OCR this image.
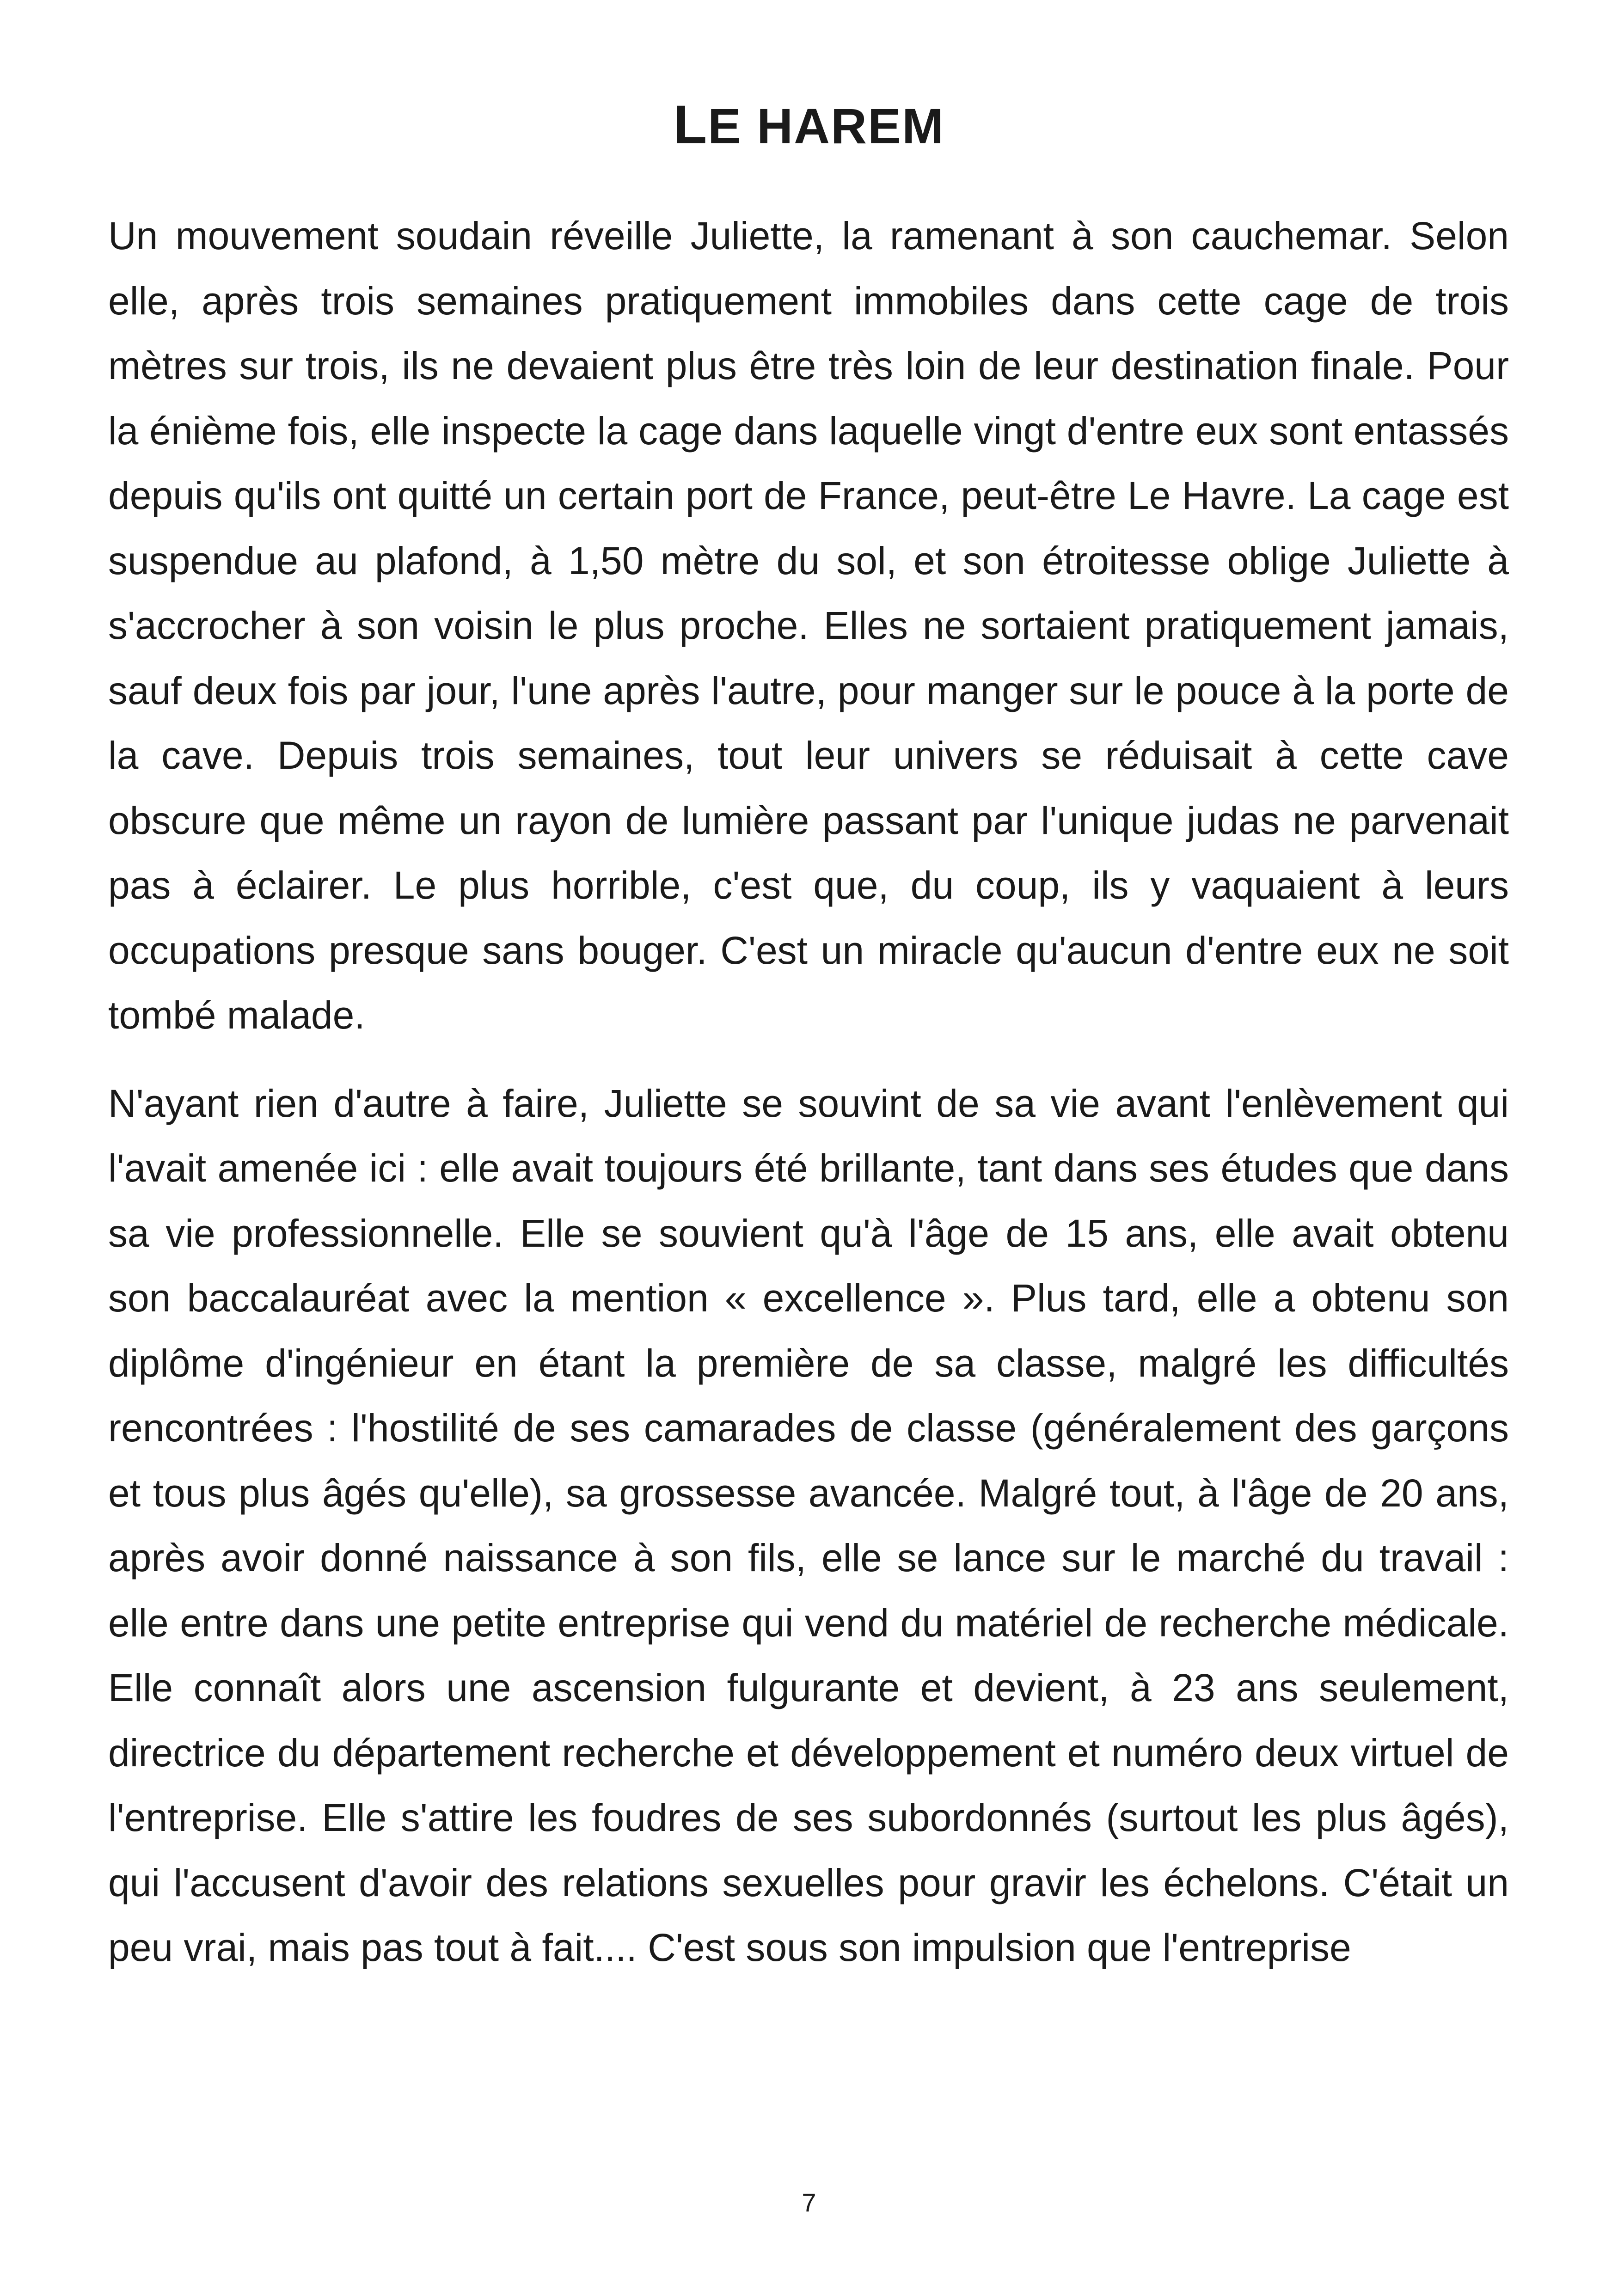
LE HAREM

Un mouvement soudain réveille Juliette, la ramenant à son cauchemar. Selon elle, après trois semaines pratiquement immobiles dans cette cage de trois mètres sur trois, ils ne devaient plus être très loin de leur destination finale. Pour la énième fois, elle inspecte la cage dans laquelle vingt d'entre eux sont entassés depuis qu'ils ont quitté un certain port de France, peut-être Le Havre. La cage est suspendue au plafond, à 1,50 mètre du sol, et son étroitesse oblige Juliette à s'accrocher à son voisin le plus proche. Elles ne sortaient pratiquement jamais, sauf deux fois par jour, l'une après l'autre, pour manger sur le pouce à la porte de la cave. Depuis trois semaines, tout leur univers se réduisait à cette cave obscure que même un rayon de lumière passant par l'unique judas ne parvenait pas à éclairer. Le plus horrible, c'est que, du coup, ils y vaquaient à leurs occupations presque sans bouger. C'est un miracle qu'aucun d'entre eux ne soit tombé malade.

N'ayant rien d'autre à faire, Juliette se souvint de sa vie avant l'enlèvement qui l'avait amenée ici : elle avait toujours été brillante, tant dans ses études que dans sa vie professionnelle. Elle se souvient qu'à l'âge de 15 ans, elle avait obtenu son baccalauréat avec la mention « excellence ». Plus tard, elle a obtenu son diplôme d'ingénieur en étant la première de sa classe, malgré les difficultés rencontrées : l'hostilité de ses camarades de classe (généralement des garçons et tous plus âgés qu'elle), sa grossesse avancée. Malgré tout, à l'âge de 20 ans, après avoir donné naissance à son fils, elle se lance sur le marché du travail : elle entre dans une petite entreprise qui vend du matériel de recherche médicale. Elle connaît alors une ascension fulgurante et devient, à 23 ans seulement, directrice du département recherche et développement et numéro deux virtuel de l'entreprise. Elle s'attire les foudres de ses subordonnés (surtout les plus âgés), qui l'accusent d'avoir des relations sexuelles pour gravir les échelons. C'était un peu vrai, mais pas tout à fait.... C'est sous son impulsion que l'entreprise

7
